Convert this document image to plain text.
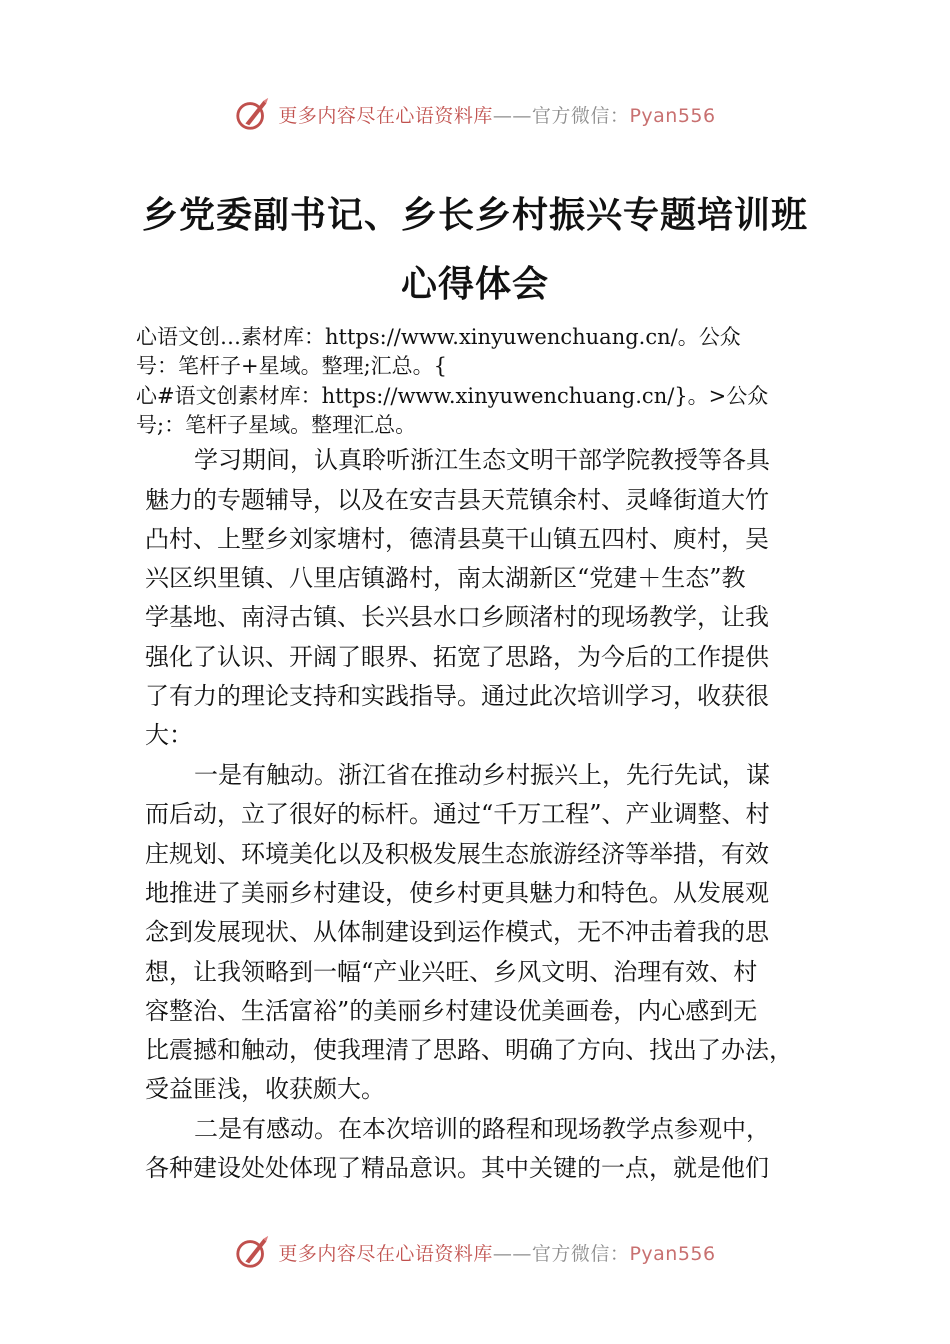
更多内容尽在心语资料库——官方微信：Pyan556
乡党委副书记、乡长乡村振兴专题培训班
心得体会
心语文创…素材库：https://www.xinyuwenchuang.cn/。公众
号：笔杆子+星域。整理;汇总。{
心#语文创素材库：https://www.xinyuwenchuang.cn/}。>公众
号;：笔杆子星域。整理汇总。
学习期间，认真聆听浙江生态文明干部学院教授等各具
魅力的专题辅导，以及在安吉县天荒镇余村、灵峰街道大竹
凸村、上墅乡刘家塘村，德清县莫干山镇五四村、庾村，吴
兴区织里镇、八里店镇潞村，南太湖新区“党建＋生态”教
学基地、南浔古镇、长兴县水口乡顾渚村的现场教学，让我
强化了认识、开阔了眼界、拓宽了思路，为今后的工作提供
了有力的理论支持和实践指导。通过此次培训学习，收获很
大：
一是有触动。浙江省在推动乡村振兴上，先行先试，谋
而后动，立了很好的标杆。通过“千万工程”、产业调整、村
庄规划、环境美化以及积极发展生态旅游经济等举措，有效
地推进了美丽乡村建设，使乡村更具魅力和特色。从发展观
念到发展现状、从体制建设到运作模式，无不冲击着我的思
想，让我领略到一幅“产业兴旺、乡风文明、治理有效、村
容整治、生活富裕”的美丽乡村建设优美画卷，内心感到无
比震撼和触动，使我理清了思路、明确了方向、找出了办法，
受益匪浅，收获颇大。
二是有感动。在本次培训的路程和现场教学点参观中，
各种建设处处体现了精品意识。其中关键的一点，就是他们
更多内容尽在心语资料库——官方微信：Pyan556
